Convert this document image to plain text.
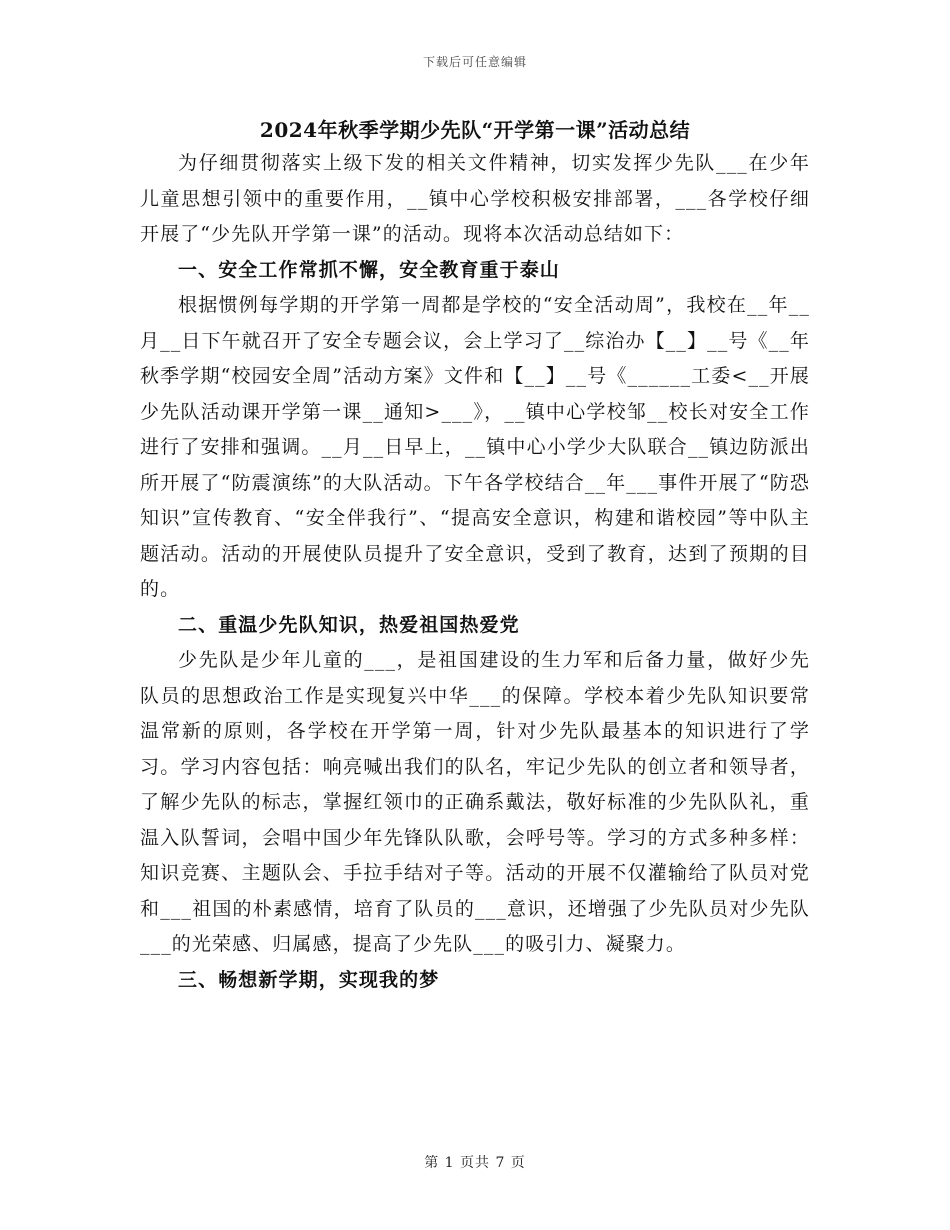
下载后可任意编辑
2024年秋季学期少先队“开学第一课”活动总结

为仔细贯彻落实上级下发的相关文件精神，切实发挥少先队___在少年儿童思想引领中的重要作用，__镇中心学校积极安排部署，___各学校仔细开展了“少先队开学第一课”的活动。现将本次活动总结如下：

一、安全工作常抓不懈，安全教育重于泰山

根据惯例每学期的开学第一周都是学校的“安全活动周”，我校在__年__月__日下午就召开了安全专题会议，会上学习了__综治办【__】__号《__年秋季学期“校园安全周”活动方案》文件和【__】__号《______工委<__开展少先队活动课开学第一课__通知>___》，__镇中心学校邹__校长对安全工作进行了安排和强调。__月__日早上，__镇中心小学少大队联合__镇边防派出所开展了“防震演练”的大队活动。下午各学校结合__年___事件开展了“防恐知识”宣传教育、“安全伴我行”、“提高安全意识，构建和谐校园”等中队主题活动。活动的开展使队员提升了安全意识，受到了教育，达到了预期的目的。

二、重温少先队知识，热爱祖国热爱党

少先队是少年儿童的___，是祖国建设的生力军和后备力量，做好少先队员的思想政治工作是实现复兴中华___的保障。学校本着少先队知识要常温常新的原则，各学校在开学第一周，针对少先队最基本的知识进行了学习。学习内容包括：响亮喊出我们的队名，牢记少先队的创立者和领导者，了解少先队的标志，掌握红领巾的正确系戴法，敬好标准的少先队队礼，重温入队誓词，会唱中国少年先锋队队歌，会呼号等。学习的方式多种多样：知识竞赛、主题队会、手拉手结对子等。活动的开展不仅灌输给了队员对党和___祖国的朴素感情，培育了队员的___意识，还增强了少先队员对少先队___的光荣感、归属感，提高了少先队___的吸引力、凝聚力。

三、畅想新学期，实现我的梦

第 1 页共 7 页
